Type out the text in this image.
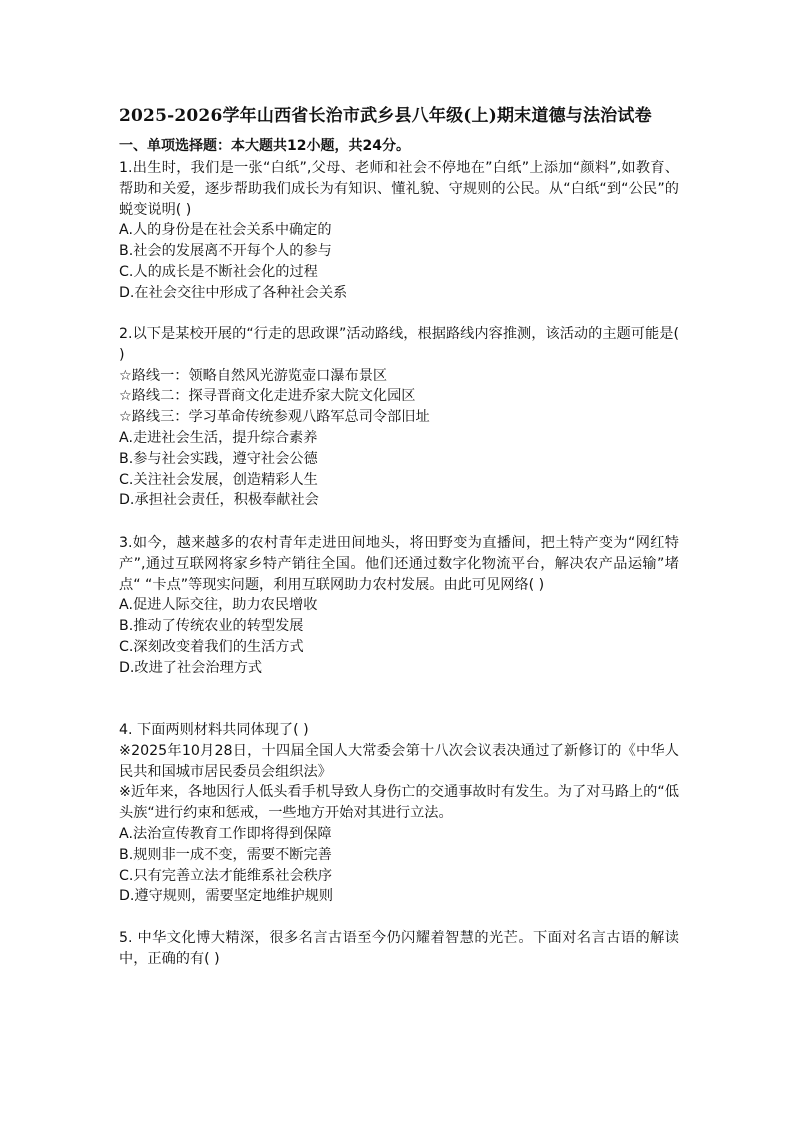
2025-2026学年山西省长治市武乡县八年级(上)期末道德与法治试卷
一、单项选择题：本大题共12小题，共24分。

1.出生时，我们是一张“白纸”,父母、老师和社会不停地在”白纸”上添加“颜料”,如教育、帮助和关爱，逐步帮助我们成长为有知识、懂礼貌、守规则的公民。从“白纸“到“公民”的蜕变说明( )

A.人的身份是在社会关系中确定的

B.社会的发展离不开每个人的参与

C.人的成长是不断社会化的过程

D.在社会交往中形成了各种社会关系

2.以下是某校开展的“行走的思政课”活动路线，根据路线内容推测，该活动的主题可能是( )

☆路线一：领略自然风光游览壶口瀑布景区

☆路线二：探寻晋商文化走进乔家大院文化园区

☆路线三：学习革命传统参观八路军总司令部旧址

A.走进社会生活，提升综合素养

B.参与社会实践，遵守社会公德

C.关注社会发展，创造精彩人生

D.承担社会责任，积极奉献社会

3.如今，越来越多的农村青年走进田间地头，将田野变为直播间，把土特产变为“网红特产”,通过互联网将家乡特产销往全国。他们还通过数字化物流平台，解决农产品运输”堵点“ “卡点”等现实问题，利用互联网助力农村发展。由此可见网络( )

A.促进人际交往，助力农民增收

B.推动了传统农业的转型发展

C.深刻改变着我们的生活方式

D.改进了社会治理方式

4. 下面两则材料共同体现了( )

※2025年10月28日，十四届全国人大常委会第十八次会议表决通过了新修订的《中华人民共和国城市居民委员会组织法》

※近年来，各地因行人低头看手机导致人身伤亡的交通事故时有发生。为了对马路上的“低头族“进行约束和惩戒，一些地方开始对其进行立法。

A.法治宣传教育工作即将得到保障

B.规则非一成不变，需要不断完善

C.只有完善立法才能维系社会秩序

D.遵守规则，需要坚定地维护规则

5. 中华文化博大精深，很多名言古语至今仍闪耀着智慧的光芒。下面对名言古语的解读中，正确的有( )
